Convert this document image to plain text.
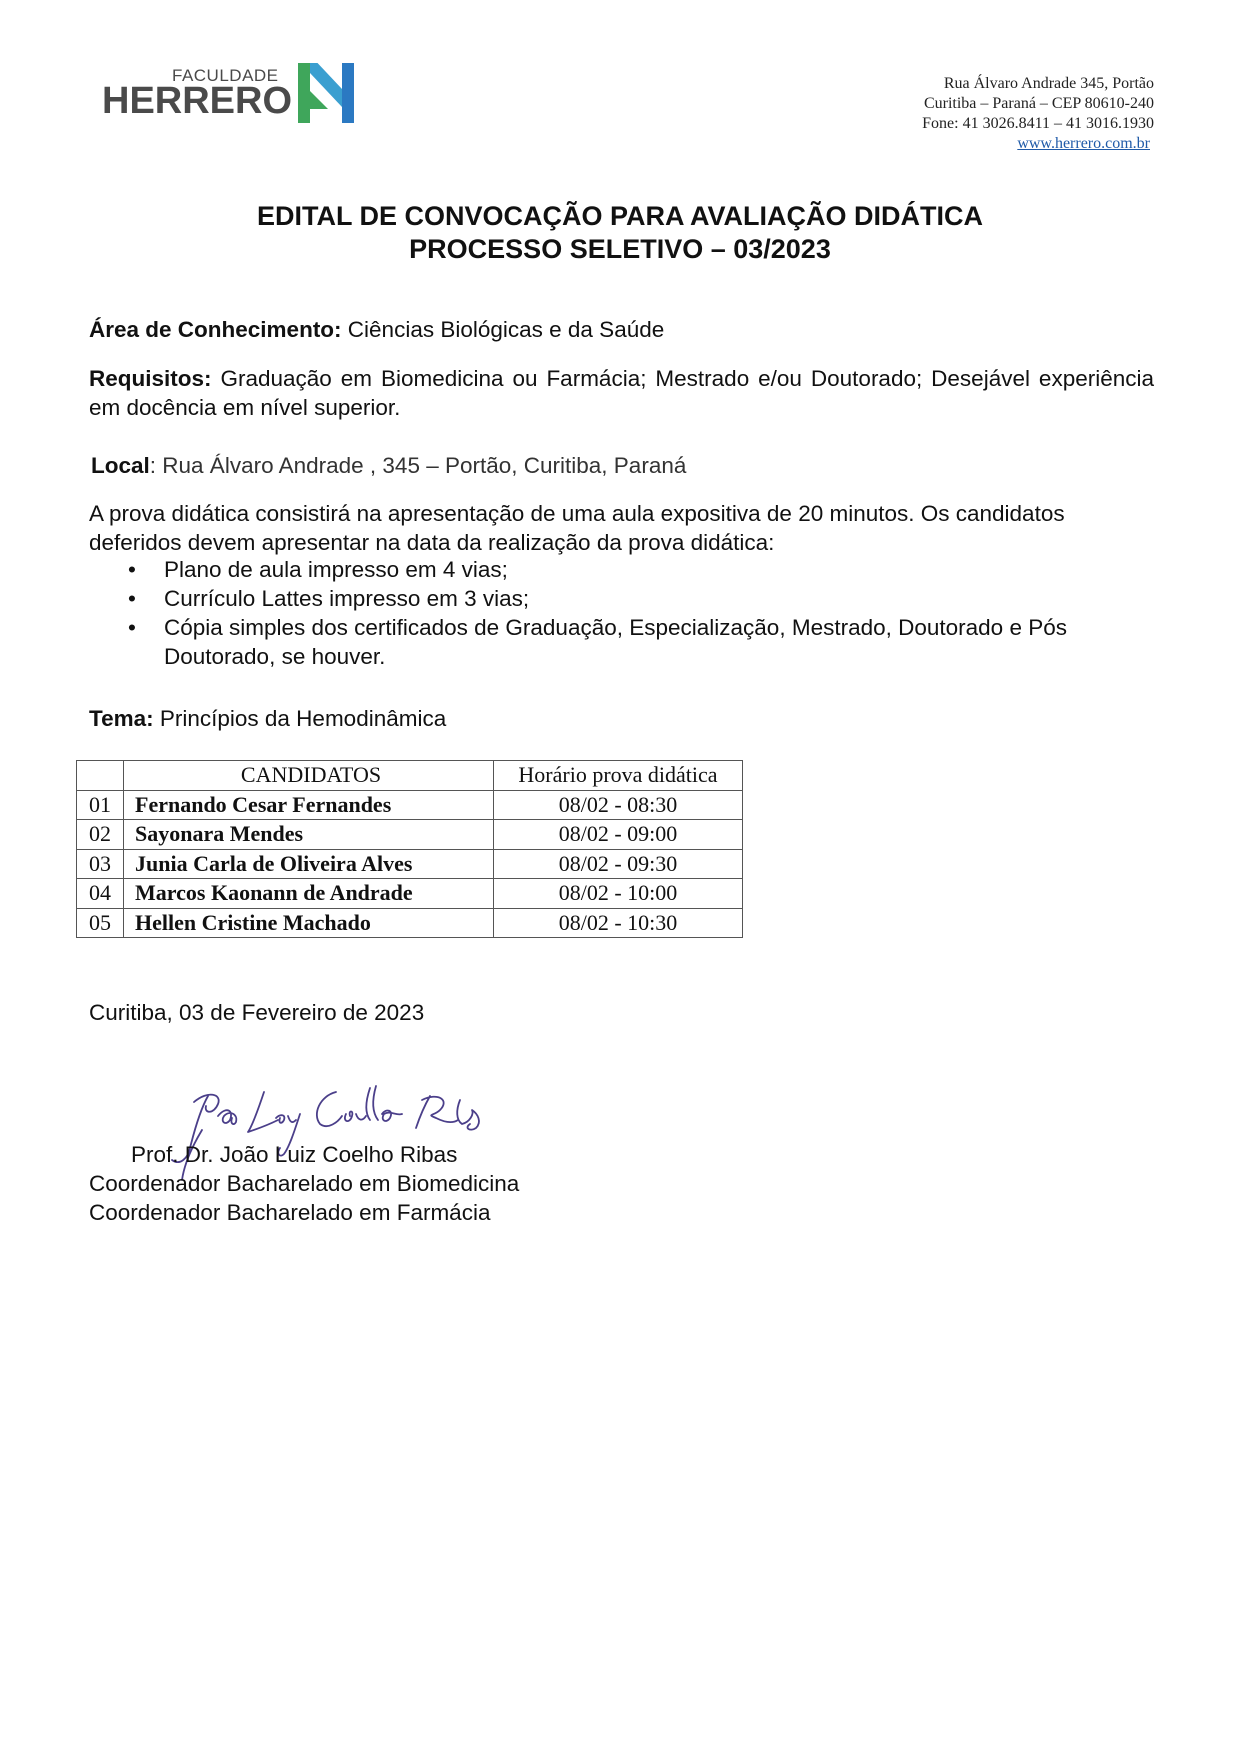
FACULDADE
HERRERO	Rua Álvaro Andrade 345, Portão
Curitiba – Paraná – CEP 80610-240
Fone: 41 3026.8411 – 41 3016.1930
www.herrero.com.br
EDITAL DE CONVOCAÇÃO PARA AVALIAÇÃO DIDÁTICA
PROCESSO SELETIVO – 03/2023
Área de Conhecimento: Ciências Biológicas e da Saúde
Requisitos: Graduação em Biomedicina ou Farmácia; Mestrado e/ou Doutorado; Desejável experiência em docência em nível superior.
Local: Rua Álvaro Andrade , 345 – Portão, Curitiba, Paraná
A prova didática consistirá na apresentação de uma aula expositiva de 20 minutos. Os candidatos deferidos devem apresentar na data da realização da prova didática:
• Plano de aula impresso em 4 vias;
• Currículo Lattes impresso em 3 vias;
• Cópia simples dos certificados de Graduação, Especialização, Mestrado, Doutorado e Pós Doutorado, se houver.
Tema: Princípios da Hemodinâmica
	CANDIDATOS	Horário prova didática
01	Fernando Cesar Fernandes	08/02 - 08:30
02	Sayonara Mendes	08/02 - 09:00
03	Junia Carla de Oliveira Alves	08/02 - 09:30
04	Marcos Kaonann de Andrade	08/02 - 10:00
05	Hellen Cristine Machado	08/02 - 10:30
Curitiba, 03 de Fevereiro de 2023
Prof. Dr. João Luiz Coelho Ribas
Coordenador Bacharelado em Biomedicina
Coordenador Bacharelado em Farmácia
